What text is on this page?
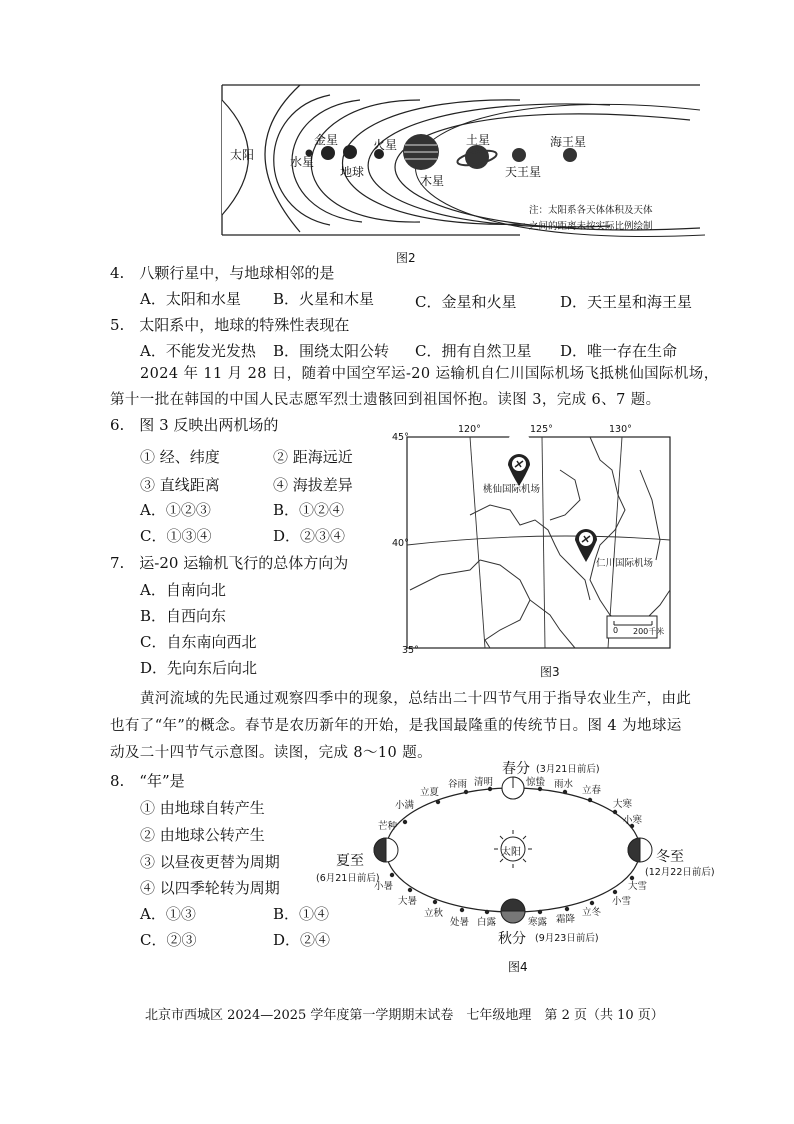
太阳	水星
金星
地球
火星
木星
土星
天王星
海王星
注：太阳系各天体体积及天体
之间的距离未按实际比例绘制
图2
4.　八颗行星中，与地球相邻的是
A．太阳和水星 B．火星和木星	C．金星和火星	D．天王星和海王星
5.　太阳系中，地球的特殊性表现在
A．不能发光发热 B．围绕太阳公转 C．拥有自然卫星 D．唯一存在生命
2024 年 11 月 28 日，随着中国空军运-20 运输机自仁川国际机场飞抵桃仙国际机场，
第十一批在韩国的中国人民志愿军烈士遗骸回到祖国怀抱。读图 3，完成 6、7 题。
6.　图 3 反映出两机场的
① 经、纬度	② 距海远近
③ 直线距离	④ 海拔差异
A．①②③	B．①②④
C．①③④	D．②③④
7.　运-20 运输机飞行的总体方向为
A．自南向北
B．自西向东
C．自东南向西北
D．先向东后向北
120°	125°	130°
45°
40°
35°
桃仙国际机场
仁川国际机场
0 200千米
图3
黄河流域的先民通过观察四季中的现象，总结出二十四节气用于指导农业生产，由此
也有了“年”的概念。春节是农历新年的开始，是我国最隆重的传统节日。图 4 为地球运
动及二十四节气示意图。读图，完成 8～10 题。
8.　“年”是
① 由地球自转产生
② 由地球公转产生
③ 以昼夜更替为周期
④ 以四季轮转为周期
A．①③	B．①④
C．②③	D．②④
太阳
春分 (3月21日前后)
夏至
(6月21日前后)
秋分 (9月23日前后)
冬至
(12月22日前后)
立夏
谷雨 清明	惊蛰 雨水
立春
大寒
小寒
小满
芒种
小暑
大暑
立秋
处暑 白露	寒露 霜降
立冬
小雪
大雪
图4
北京市西城区 2024—2025 学年度第一学期期末试卷　七年级地理　第 2 页（共 10 页）
